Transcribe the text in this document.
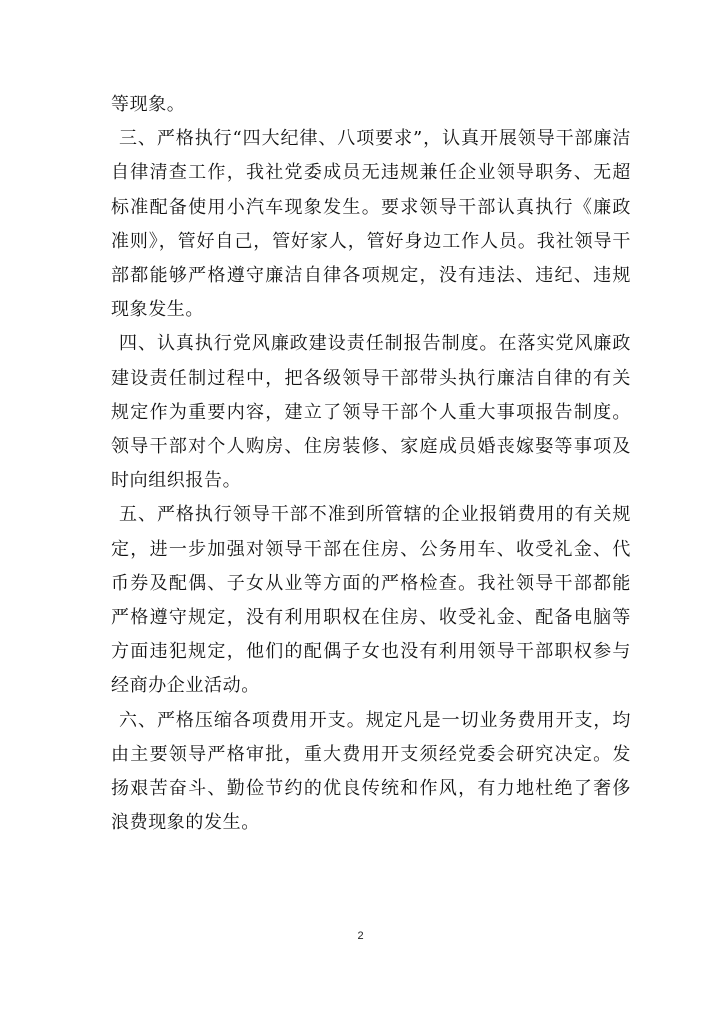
等现象。

三、严格执行“四大纪律、八项要求”，认真开展领导干部廉洁自律清查工作，我社党委成员无违规兼任企业领导职务、无超标准配备使用小汽车现象发生。要求领导干部认真执行《廉政准则》，管好自己，管好家人，管好身边工作人员。我社领导干部都能够严格遵守廉洁自律各项规定，没有违法、违纪、违规现象发生。

四、认真执行党风廉政建设责任制报告制度。在落实党风廉政建设责任制过程中，把各级领导干部带头执行廉洁自律的有关规定作为重要内容，建立了领导干部个人重大事项报告制度。领导干部对个人购房、住房装修、家庭成员婚丧嫁娶等事项及时向组织报告。

五、严格执行领导干部不准到所管辖的企业报销费用的有关规定，进一步加强对领导干部在住房、公务用车、收受礼金、代币券及配偶、子女从业等方面的严格检查。我社领导干部都能严格遵守规定，没有利用职权在住房、收受礼金、配备电脑等方面违犯规定，他们的配偶子女也没有利用领导干部职权参与经商办企业活动。

六、严格压缩各项费用开支。规定凡是一切业务费用开支，均由主要领导严格审批，重大费用开支须经党委会研究决定。发扬艰苦奋斗、勤俭节约的优良传统和作风，有力地杜绝了奢侈浪费现象的发生。

2
